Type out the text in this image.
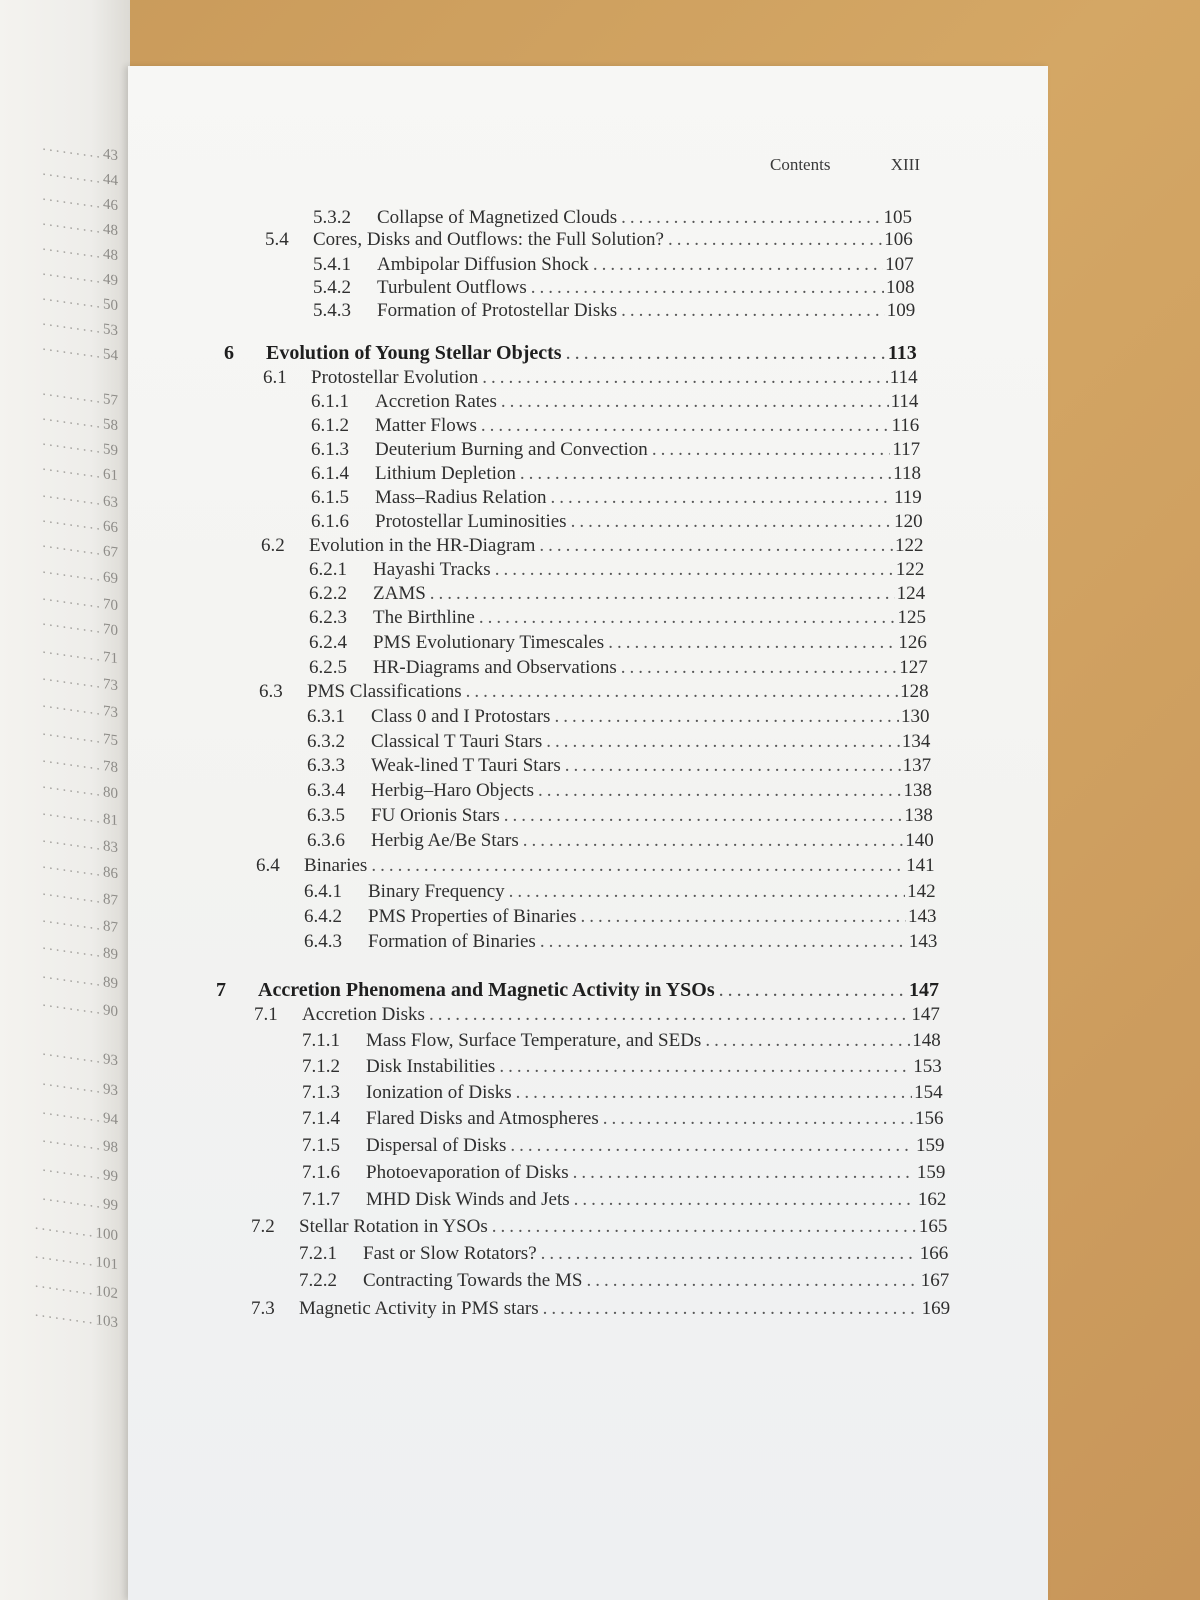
.........43
.........44
.........46
.........48
.........48
.........49
.........50
.........53
.........54
.........57
.........58
.........59
.........61
.........63
.........66
.........67
.........69
.........70
.........70
.........71
.........73
.........73
.........75
.........78
.........80
.........81
.........83
.........86
.........87
.........87
.........89
.........89
.........90
.........93
.........93
.........94
.........98
.........99
.........99
.........100
.........101
.........102
.........103
Contents	XIII
5.3.2	Collapse of Magnetized Clouds .....	105
5.4	Cores, Disks and Outflows: the Full Solution? .....	106
5.4.1	Ambipolar Diffusion Shock .....	107
5.4.2	Turbulent Outflows .....	108
5.4.3	Formation of Protostellar Disks .....	109
6	Evolution of Young Stellar Objects .....	113
6.1	Protostellar Evolution .....	114
6.1.1	Accretion Rates .....	114
6.1.2	Matter Flows .....	116
6.1.3	Deuterium Burning and Convection .....	117
6.1.4	Lithium Depletion .....	118
6.1.5	Mass–Radius Relation .....	119
6.1.6	Protostellar Luminosities .....	120
6.2	Evolution in the HR-Diagram .....	122
6.2.1	Hayashi Tracks .....	122
6.2.2	ZAMS .....	124
6.2.3	The Birthline .....	125
6.2.4	PMS Evolutionary Timescales .....	126
6.2.5	HR-Diagrams and Observations .....	127
6.3	PMS Classifications .....	128
6.3.1	Class 0 and I Protostars .....	130
6.3.2	Classical T Tauri Stars .....	134
6.3.3	Weak-lined T Tauri Stars .....	137
6.3.4	Herbig–Haro Objects .....	138
6.3.5	FU Orionis Stars .....	138
6.3.6	Herbig Ae/Be Stars .....	140
6.4	Binaries .....	141
6.4.1	Binary Frequency .....	142
6.4.2	PMS Properties of Binaries .....	143
6.4.3	Formation of Binaries .....	143
7	Accretion Phenomena and Magnetic Activity in YSOs .....	147
7.1	Accretion Disks .....	147
7.1.1	Mass Flow, Surface Temperature, and SEDs .....	148
7.1.2	Disk Instabilities .....	153
7.1.3	Ionization of Disks .....	154
7.1.4	Flared Disks and Atmospheres .....	156
7.1.5	Dispersal of Disks .....	159
7.1.6	Photoevaporation of Disks .....	159
7.1.7	MHD Disk Winds and Jets .....	162
7.2	Stellar Rotation in YSOs .....	165
7.2.1	Fast or Slow Rotators? .....	166
7.2.2	Contracting Towards the MS .....	167
7.3	Magnetic Activity in PMS stars .....	169
